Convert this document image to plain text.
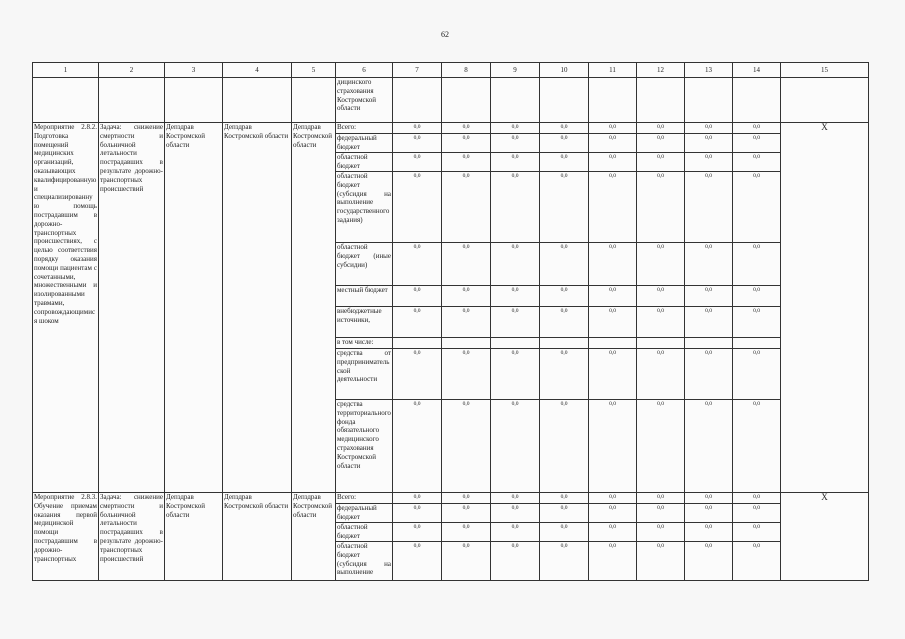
62
1	2	3	4	5	6	7	8	9	10	11	12	13	14	15
					дицинского страхования Костромской области									
Мероприятие 2.8.2. Подготовка помещений медицинских организаций, оказывающих квалифицированную и специализированную помощь пострадавшим в дорожно-транспортных происшествиях, с целью соответствия порядку оказания помощи пациентам с сочетанными, множественными и изолированными травмами, сопровождающимися шоком	Задача: снижение смертности и больничной летальности пострадавших в результате дорожно-транспортных происшествий	Депздрав Костромской области	Депздрав Костромской области	Депздрав Костромской области	Всего:	0,0	0,0	0,0	0,0	0,0	0,0	0,0	0,0	X
					федеральный бюджет	0,0	0,0	0,0	0,0	0,0	0,0	0,0	0,0	
					областной бюджет	0,0	0,0	0,0	0,0	0,0	0,0	0,0	0,0	
					областной бюджет (субсидия на выполнение государственного задания)	0,0	0,0	0,0	0,0	0,0	0,0	0,0	0,0	
					областной бюджет (иные субсидии)	0,0	0,0	0,0	0,0	0,0	0,0	0,0	0,0	
					местный бюджет	0,0	0,0	0,0	0,0	0,0	0,0	0,0	0,0	
					внебюджетные источники,	0,0	0,0	0,0	0,0	0,0	0,0	0,0	0,0	
					в том числе:									
					средства от предпринимательской деятельности	0,0	0,0	0,0	0,0	0,0	0,0	0,0	0,0	
					средства территориального фонда обязательного медицинского страхования Костромской области	0,0	0,0	0,0	0,0	0,0	0,0	0,0	0,0	
Мероприятие 2.8.3. Обучение приемам оказания первой медицинской помощи пострадавшим в дорожно-транспортных	Задача: снижение смертности и больничной летальности пострадавших в результате дорожно-транспортных происшествий	Депздрав Костромской области	Депздрав Костромской области	Депздрав Костромской области	Всего:	0,0	0,0	0,0	0,0	0,0	0,0	0,0	0,0	X
					федеральный бюджет	0,0	0,0	0,0	0,0	0,0	0,0	0,0	0,0	
					областной бюджет	0,0	0,0	0,0	0,0	0,0	0,0	0,0	0,0	
					областной бюджет (субсидия на выполнение	0,0	0,0	0,0	0,0	0,0	0,0	0,0	0,0	
